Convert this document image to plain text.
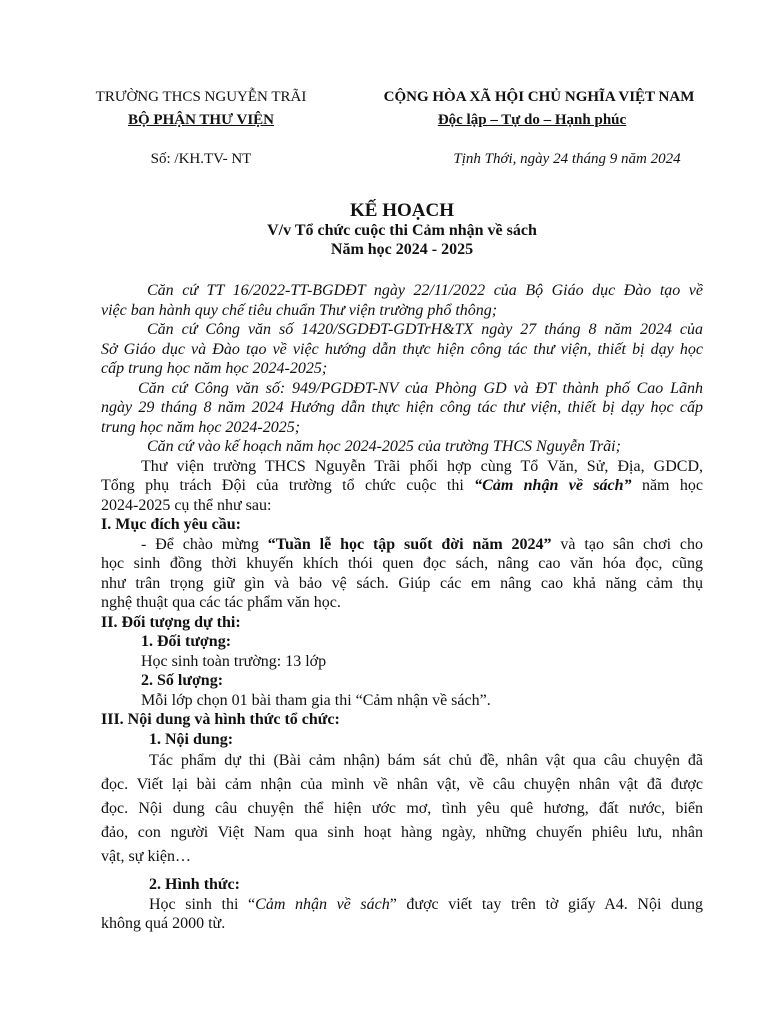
TRƯỜNG THCS NGUYỄN TRÃI
BỘ PHẬN THƯ VIỆN
CỘNG HÒA XÃ HỘI CHỦ NGHĨA VIỆT NAM
Độc lập – Tự do – Hạnh phúc
Số: /KH.TV- NT	Tịnh Thới, ngày 24 tháng 9 năm 2024
KẾ HOẠCH
V/v Tổ chức cuộc thi Cảm nhận về sách
Năm học 2024 - 2025
Căn cứ TT 16/2022-TT-BGDĐT ngày 22/11/2022 của Bộ Giáo dục Đào tạo về
việc ban hành quy chế tiêu chuẩn Thư viện trường phổ thông;
Căn cứ Công văn số 1420/SGDĐT-GDTrH&TX ngày 27 tháng 8 năm 2024 của
Sở Giáo dục và Đào tạo về việc hướng dẫn thực hiện công tác thư viện, thiết bị dạy học
cấp trung học năm học 2024-2025;
Căn cứ Công văn số: 949/PGDĐT-NV của Phòng GD và ĐT thành phố Cao Lãnh
ngày 29 tháng 8 năm 2024 Hướng dẫn thực hiện công tác thư viện, thiết bị dạy học cấp
trung học năm học 2024-2025;
Căn cứ vào kế hoạch năm học 2024-2025 của trường THCS Nguyễn Trãi;
Thư viện trường THCS Nguyễn Trãi phối hợp cùng Tổ Văn, Sử, Địa, GDCD,
Tổng phụ trách Đội của trường tổ chức cuộc thi “Cảm nhận về sách” năm học
2024-2025 cụ thể như sau:
I. Mục đích yêu cầu:
- Để chào mừng “Tuần lễ học tập suốt đời năm 2024” và tạo sân chơi cho
học sinh đồng thời khuyến khích thói quen đọc sách, nâng cao văn hóa đọc, cũng
như trân trọng giữ gìn và bảo vệ sách. Giúp các em nâng cao khả năng cảm thụ
nghệ thuật qua các tác phẩm văn học.
II. Đối tượng dự thi:
1. Đối tượng:
Học sinh toàn trường: 13 lớp
2. Số lượng:
Mỗi lớp chọn 01 bài tham gia thi “Cảm nhận về sách”.
III. Nội dung và hình thức tổ chức:
1. Nội dung:
Tác phẩm dự thi (Bài cảm nhận) bám sát chủ đề, nhân vật qua câu chuyện đã
đọc. Viết lại bài cảm nhận của mình về nhân vật, về câu chuyện nhân vật đã được
đọc. Nội dung câu chuyện thể hiện ước mơ, tình yêu quê hương, đất nước, biển
đảo, con người Việt Nam qua sinh hoạt hàng ngày, những chuyến phiêu lưu, nhân
vật, sự kiện…
2. Hình thức:
Học sinh thi “Cảm nhận về sách” được viết tay trên tờ giấy A4. Nội dung
không quá 2000 từ.
